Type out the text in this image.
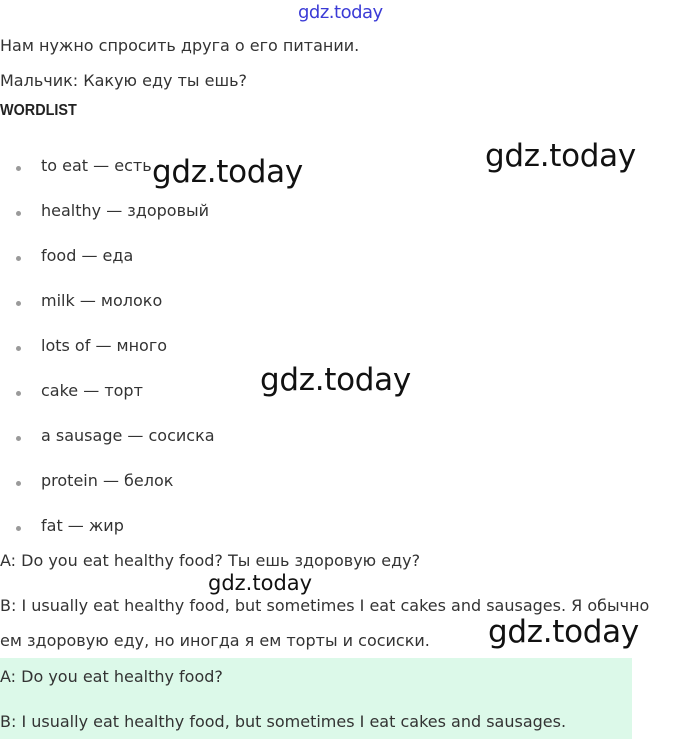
gdz.today
Нам нужно спросить друга о его питании.
Мальчик: Какую еду ты ешь?
WORDLIST
to eat — есть
healthy — здоровый
food — еда
milk — молоко
lots of — много
cake — торт
a sausage — сосиска
protein — белок
fat — жир
A: Do you eat healthy food? Ты ешь здоровую еду?
B: I usually eat healthy food, but sometimes I eat cakes and sausages. Я обычно
ем здоровую еду, но иногда я ем торты и сосиски.
A: Do you eat healthy food?
B: I usually eat healthy food, but sometimes I eat cakes and sausages.
gdz.today	gdz.today
gdz.today
gdz.today
gdz.today
